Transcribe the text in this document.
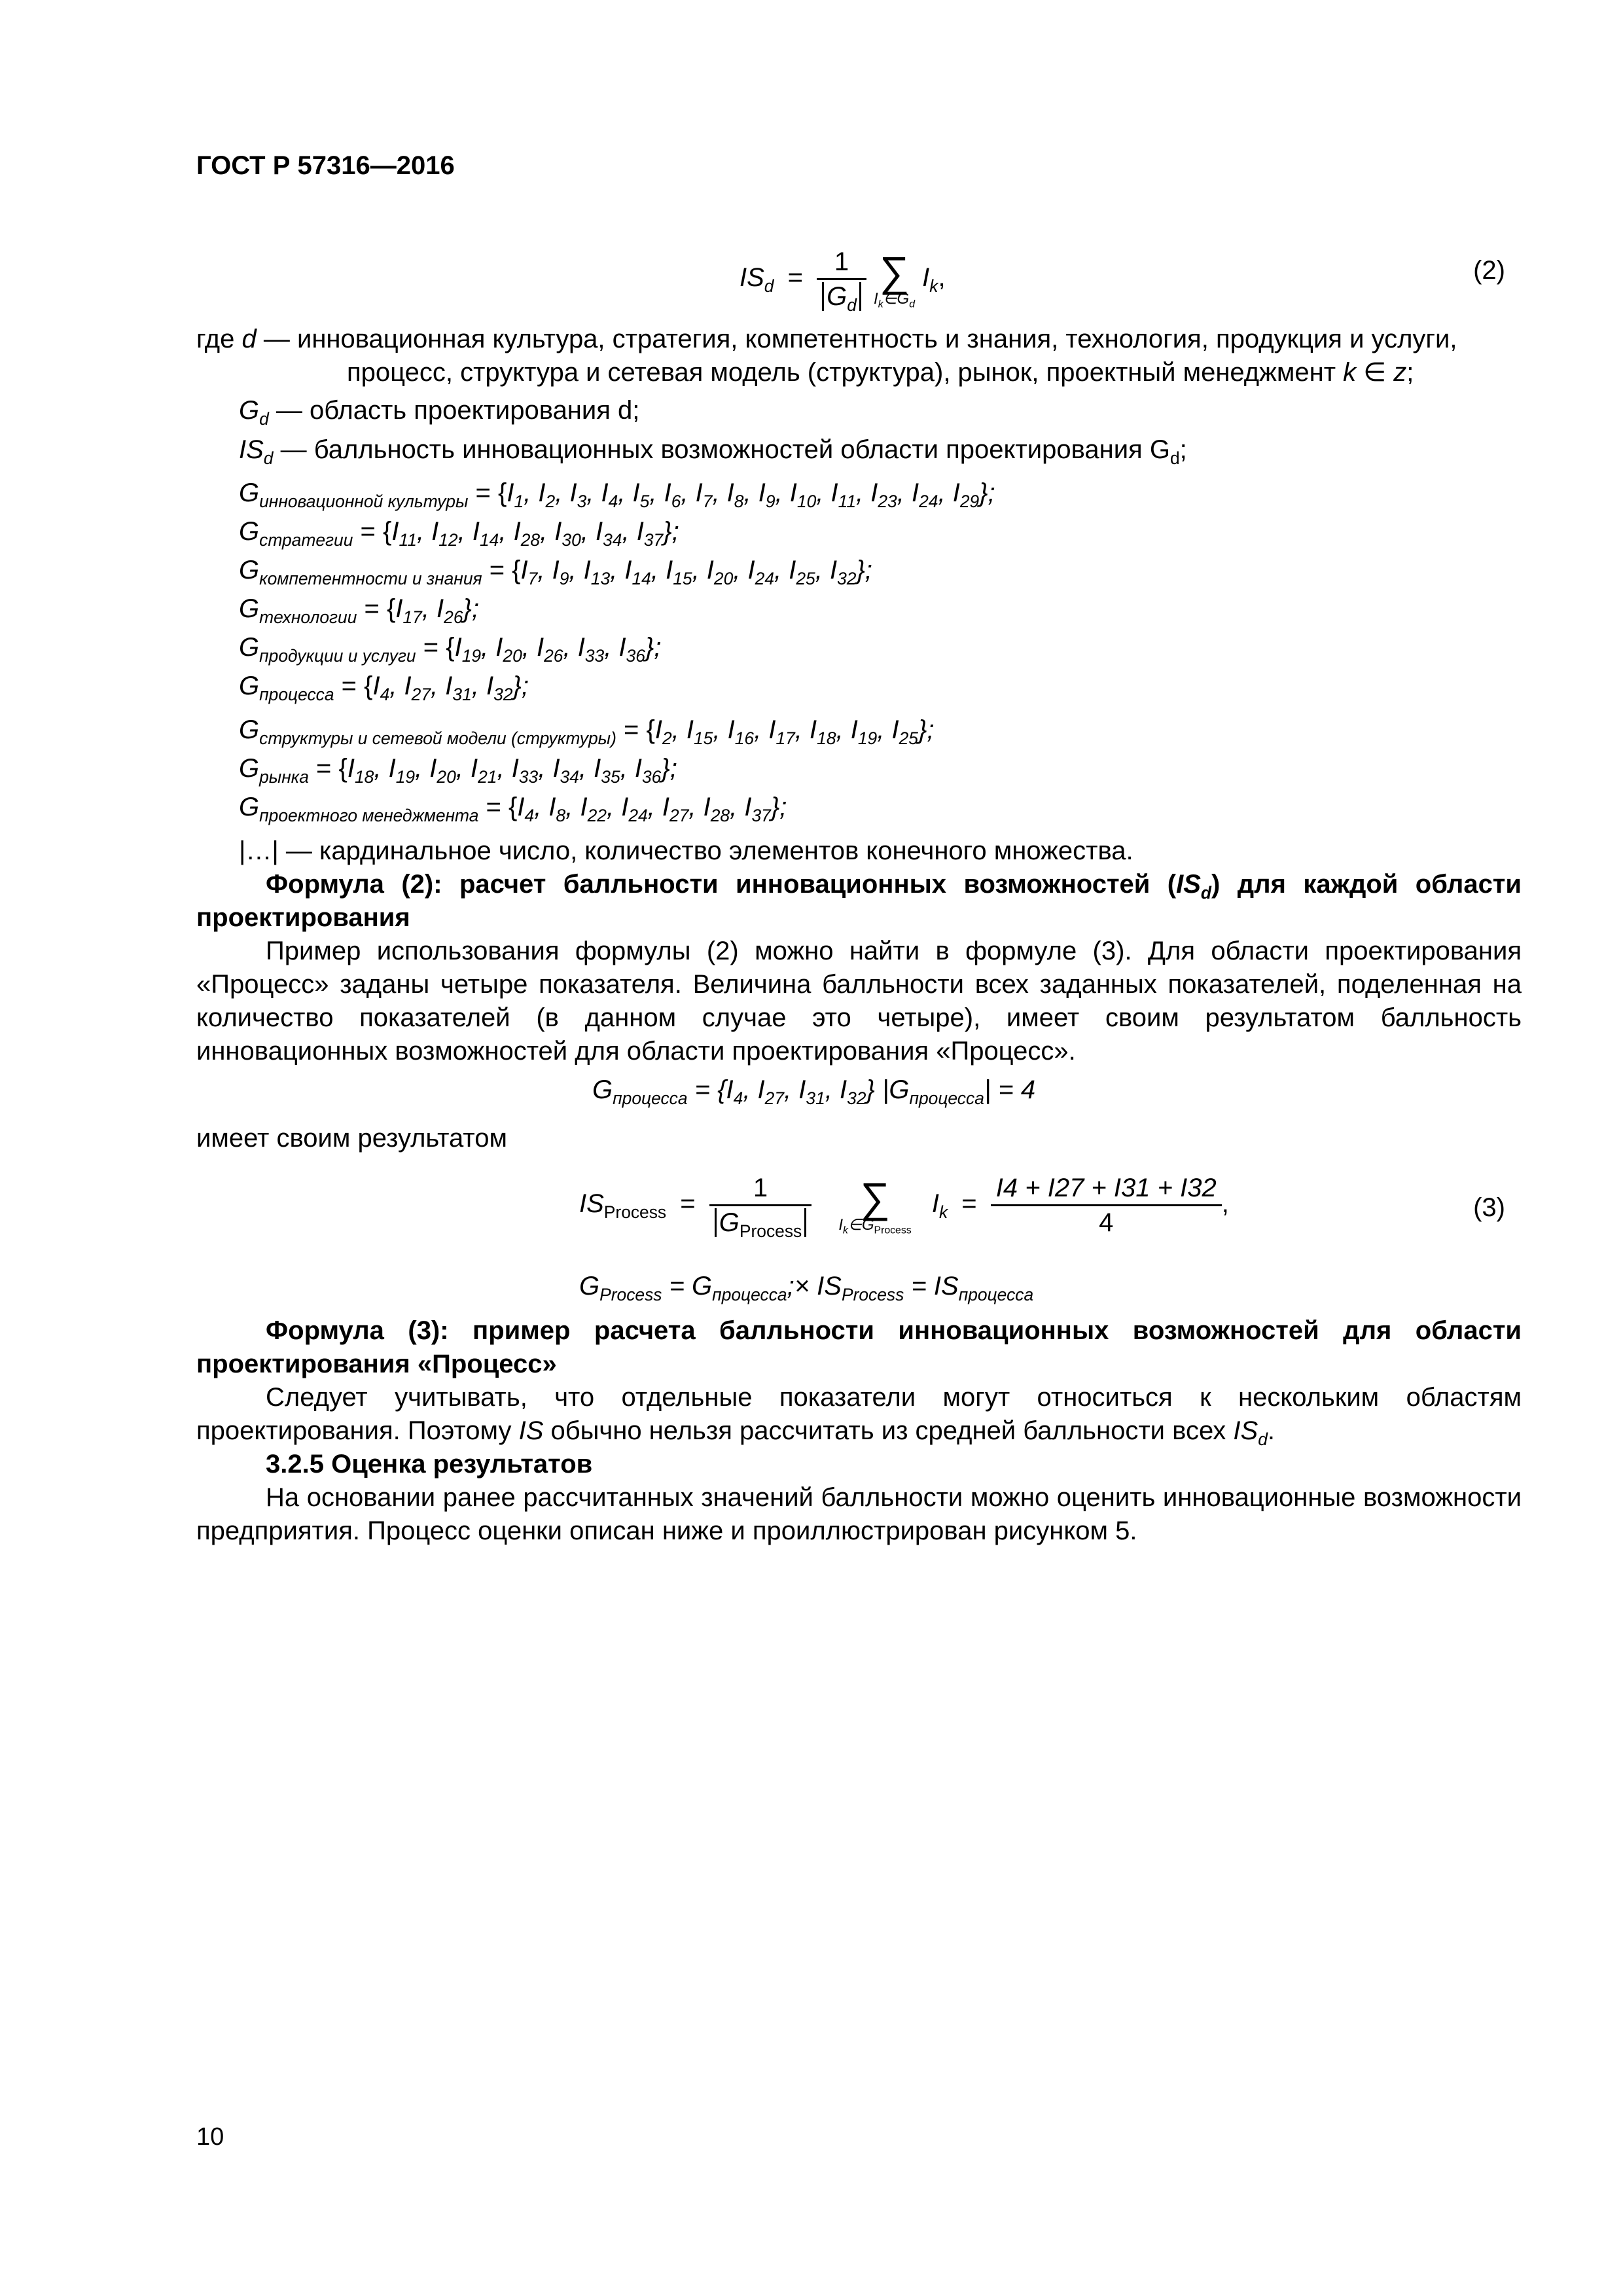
ГОСТ Р 57316—2016
$IS_d = \frac{1}{G_d}$
∑
$I_k\in G_d$
$I_k$,	(2)
где d — инновационная культура, стратегия, компетентность и знания, технология, продукция и услуги,
процесс, структура и сетевая модель (структура), рынок, проектный менеджмент k ∈ z;
$G_d$ — область проектирования d;
$IS_d$ — балльность инновационных возможностей области проектирования $G_d$;
$G_{инновационной культуры} = \{I_1$, $I_2$, $I_3$, $I_4$, $I_5$, $I_6$, $I_7$, $I_8$, $I_9$, $I_{10}$, $I_{11}$, $I_{23}$, $I_{24}$, $I_{29}$};
$G_{стратегии} = \{I_{11}$, $I_{12}$, $I_{14}$, $I_{28}$, $I_{30}$, $I_{34}$, $I_{37}$};
$G_{компетентности и знания} = \{I_7$, $I_9$, $I_{13}$, $I_{14}$, $I_{15}$, $I_{20}$, $I_{24}$, $I_{25}$, $I_{32}$};
$G_{технологии} = \{I_{17}$, $I_{26}$};
$G_{продукции и услуги} = \{I_{19}$, $I_{20}$, $I_{26}$, $I_{33}$, $I_{36}$};
$G_{процесса} = \{I_4$, $I_{27}$, $I_{31}$, $I_{32}$};
$G_{структуры и сетевой модели (структуры)} = \{I_2$, $I_{15}$, $I_{16}$, $I_{17}$, $I_{18}$, $I_{19}$, $I_{25}$};
$G_{рынка} = \{I_{18}$, $I_{19}$, $I_{20}$, $I_{21}$, $I_{33}$, $I_{34}$, $I_{35}$, $I_{36}$};
$G_{проектного менеджмента} = \{I_4$, $I_8$, $I_{22}$, $I_{24}$, $I_{27}$, $I_{28}$, $I_{37}$};
|…| — кардинальное число, количество элементов конечного множества.
Формула (2): расчет балльности инновационных возможностей $(IS_d)$ для каждой области проектирования
Пример использования формулы (2) можно найти в формуле (3). Для области проектирования «Процесс» заданы четыре показателя. Величина балльности всех заданных показателей, поделенная на количество показателей (в данном случае это четыре), имеет своим результатом балльность инновационных возможностей для области проектирования «Процесс».
$G_{процесса} = \{I_4$, $I_{27}$, $I_{31}$, $I_{32}$} $|G_{процесса}| = 4$
имеет своим результатом
$IS_{Process} = \frac{1}{G_{Process}}$
	∑
$I_k\in G_{Process}$
$I_k = \frac{I4 + I27 + I31 + I32}{4}$ ,	(3)
$G_{Process}$ = $G_{процесса};\times IS_{Process} = IS_{процесса}$
Формула (3): пример расчета балльности инновационных возможностей для области проектирования «Процесс»
Следует учитывать, что отдельные показатели могут относиться к нескольким областям проектирования. Поэтому IS обычно нельзя рассчитать из средней балльности всех $IS_d$.
3.2.5 Оценка результатов
На основании ранее рассчитанных значений балльности можно оценить инновационные возможности предприятия. Процесс оценки описан ниже и проиллюстрирован рисунком 5.
10
